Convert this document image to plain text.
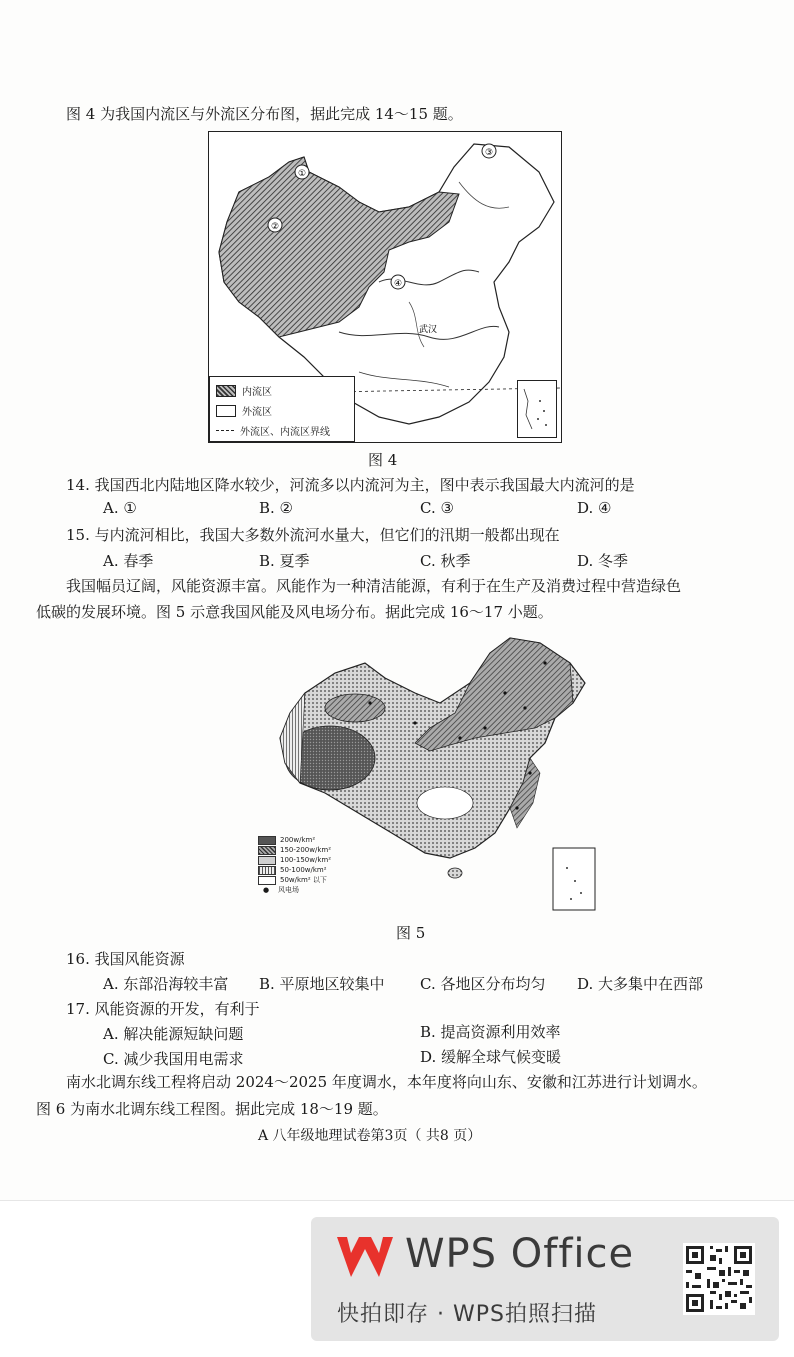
图 4 为我国内流区与外流区分布图，据此完成 14～15 题。
①
②
③
④
武汉
内流区
外流区
外流区、内流区界线
图 4
14. 我国西北内陆地区降水较少，河流多以内流河为主，图中表示我国最大内流河的是
A. ①	B. ②	C. ③	D. ④
15. 与内流河相比，我国大多数外流河水量大，但它们的汛期一般都出现在
A. 春季	B. 夏季	C. 秋季	D. 冬季
我国幅员辽阔，风能资源丰富。风能作为一种清洁能源，有利于在生产及消费过程中营造绿色
低碳的发展环境。图 5 示意我国风能及风电场分布。据此完成 16～17 小题。
200w/km²
150-200w/km²
100-150w/km²
50-100w/km²
50w/km² 以下
●	风电场
图 5
16. 我国风能资源
A. 东部沿海较丰富 B. 平原地区较集中 C. 各地区分布均匀 D. 大多集中在西部
17. 风能资源的开发，有利于
A. 解决能源短缺问题	B. 提高资源利用效率
C. 减少我国用电需求	D. 缓解全球气候变暖
南水北调东线工程将启动 2024～2025 年度调水，本年度将向山东、安徽和江苏进行计划调水。
图 6 为南水北调东线工程图。据此完成 18～19 题。
A 八年级地理试卷第3页（ 共8 页）
WPS Office
快拍即存 · WPS拍照扫描
